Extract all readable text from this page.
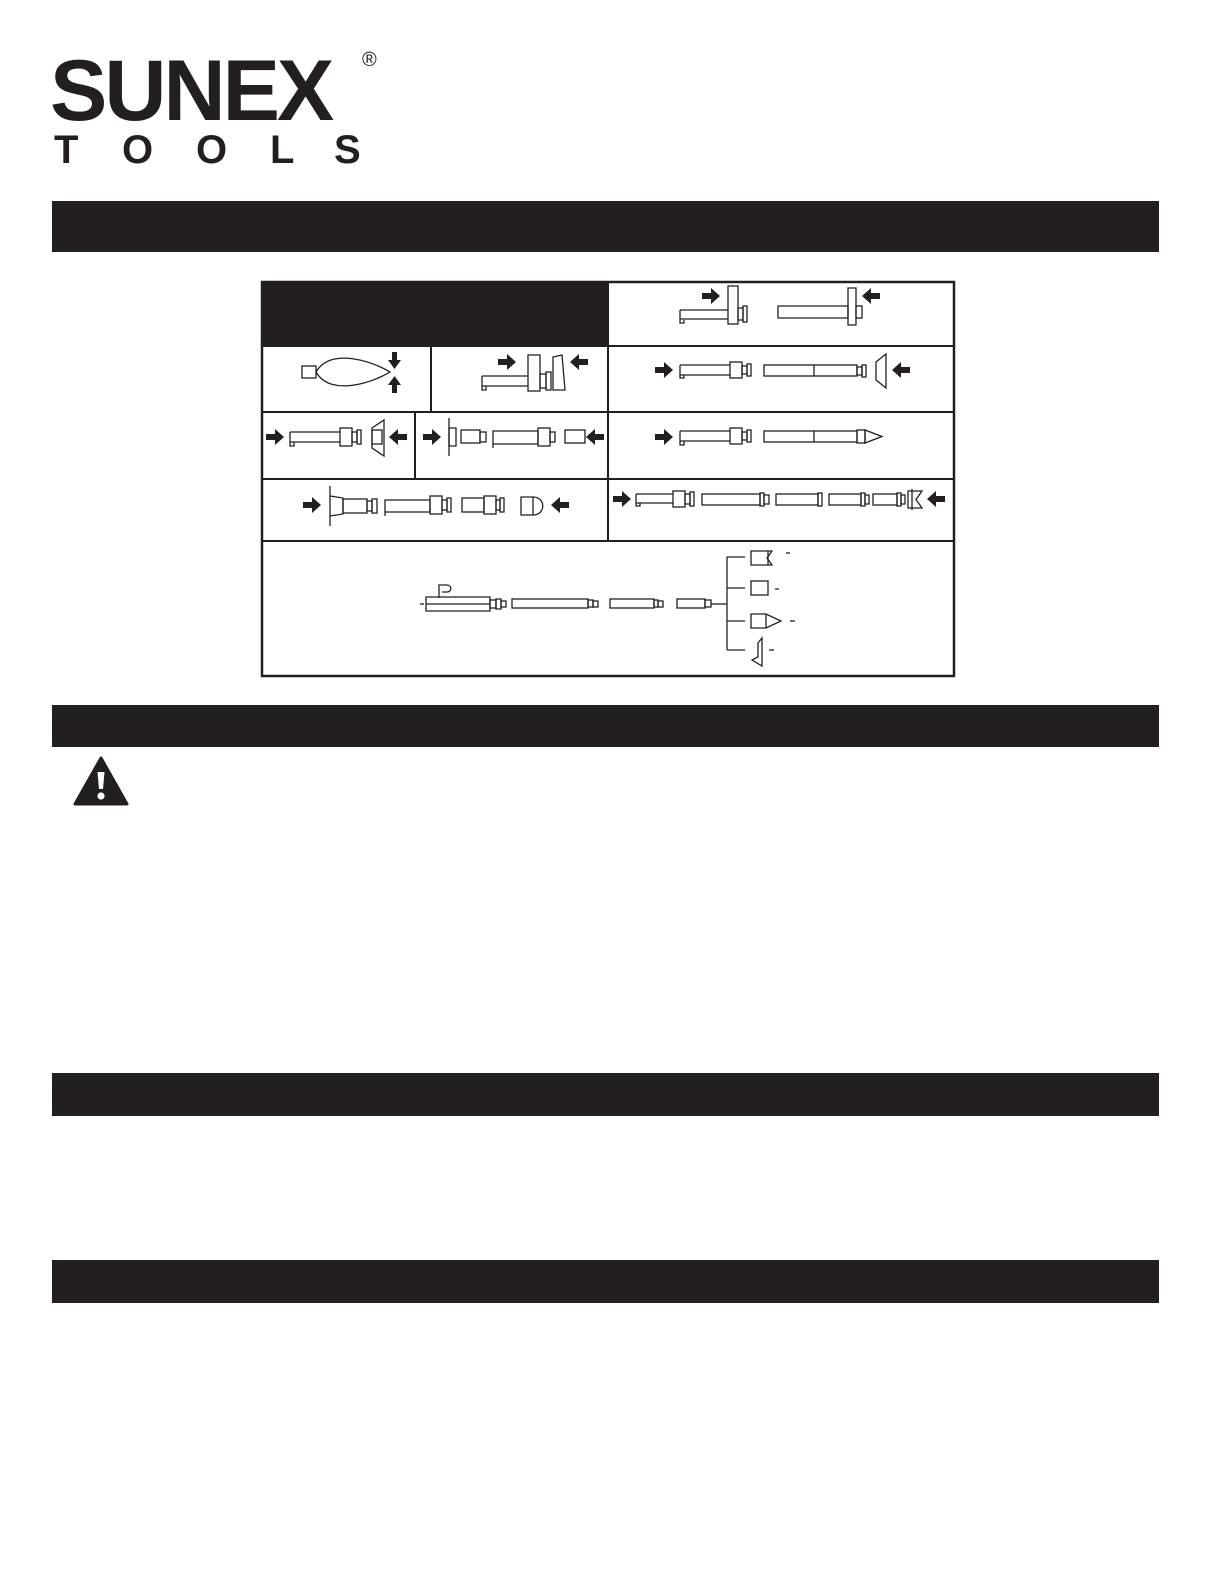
SUNEX ®
T O O L S
